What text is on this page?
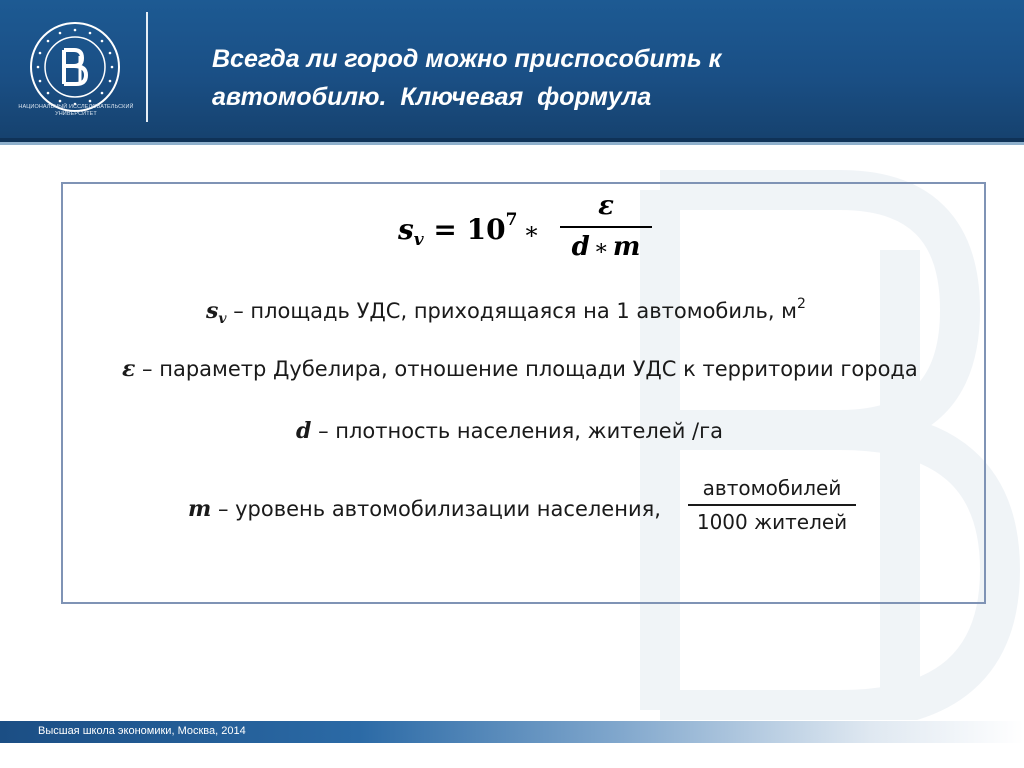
НАЦИОНАЛЬНЫЙ ИССЛЕДОВАТЕЛЬСКИЙ УНИВЕРСИТЕТ
Всегда ли город можно приспособить к
автомобилю.  Ключевая  формула
$s_v = 10^7$ ∗
ε
d ∗ m
$s_v$ – площадь УДС, приходящаяся на 1 автомобиль, $м^2$
ε – параметр Дубелира, отношение площади УДС к территории города
d – плотность населения, жителей /га
m – уровень автомобилизации населения,
автомобилей
1000 жителей
Высшая школа экономики, Москва, 2014
